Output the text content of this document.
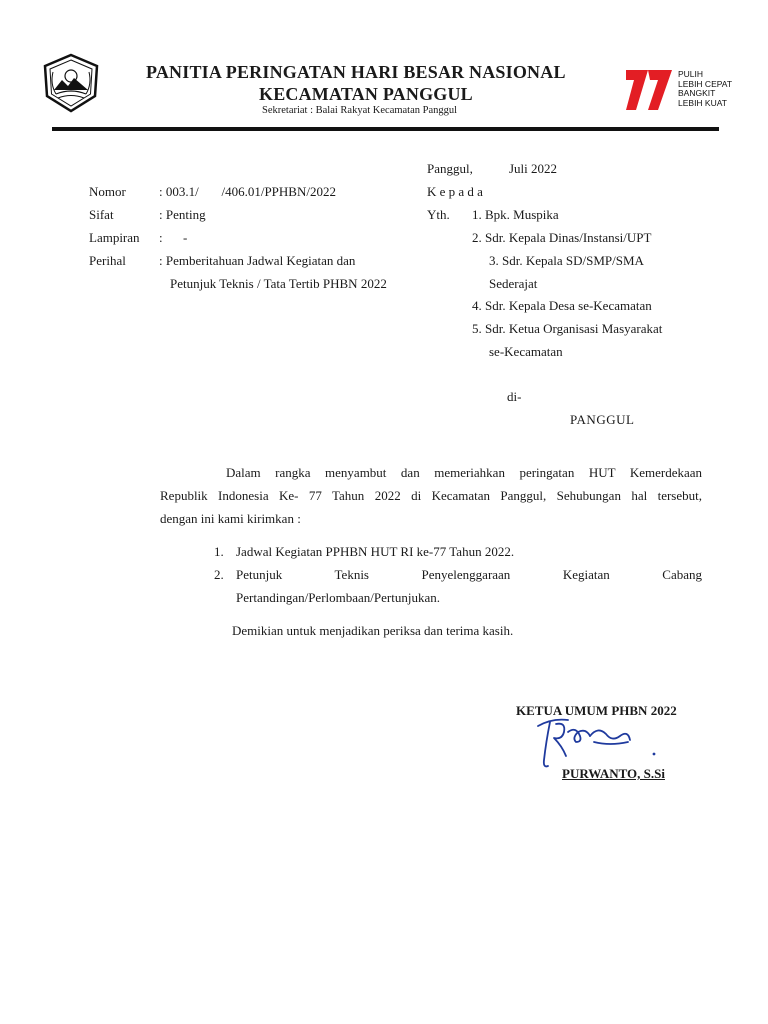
PANITIA PERINGATAN HARI BESAR NASIONAL
KECAMATAN PANGGUL
Sekretariat : Balai Rakyat Kecamatan Panggul
PULIH
LEBIH CEPAT
BANGKIT
LEBIH KUAT
Panggul,	Juli 2022
Nomor	: 003.1/       /406.01/PPHBN/2022
Sifat	: Penting
Lampiran : -
Perihal	: Pemberitahuan Jadwal Kegiatan dan
Petunjuk Teknis / Tata Tertib PHBN 2022
K e p a d a
Yth. 1. Bpk. Muspika
2. Sdr. Kepala Dinas/Instansi/UPT
3. Sdr. Kepala SD/SMP/SMA
Sederajat
4. Sdr. Kepala Desa se-Kecamatan
5. Sdr. Ketua Organisasi Masyarakat
se-Kecamatan
di-
PANGGUL
Dalam rangka menyambut dan memeriahkan peringatan HUT Kemerdekaan
Republik Indonesia Ke- 77 Tahun 2022 di Kecamatan Panggul, Sehubungan hal tersebut,
dengan ini kami kirimkan :
1. Jadwal Kegiatan PPHBN HUT RI ke-77 Tahun 2022.
2. Petunjuk Teknis Penyelenggaraan Kegiatan Cabang
Pertandingan/Perlombaan/Pertunjukan.
Demikian untuk menjadikan periksa dan terima kasih.
KETUA UMUM PHBN 2022
PURWANTO, S.Si
